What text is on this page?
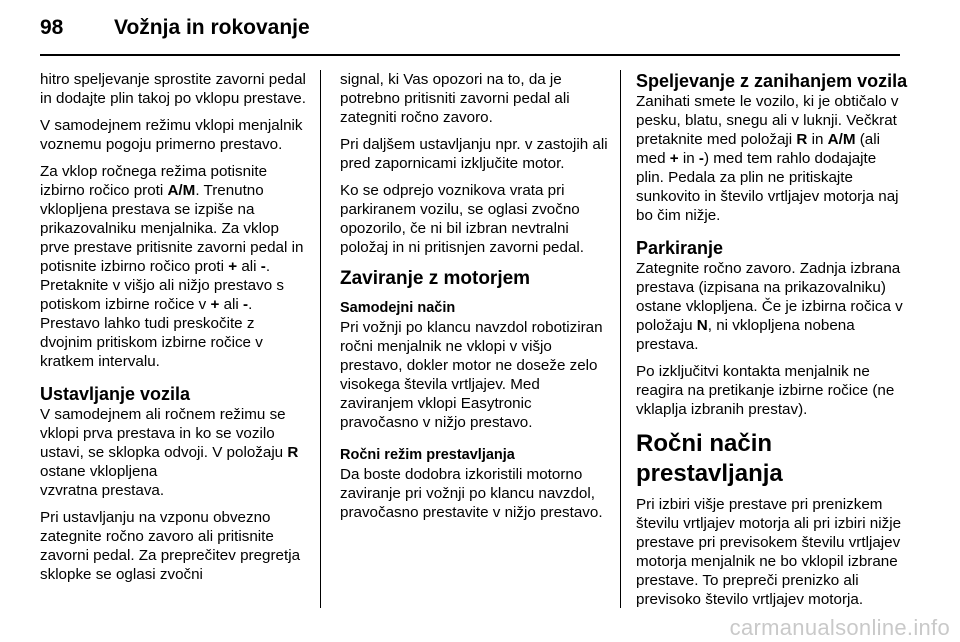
98 Vožnja in rokovanje

hitro speljevanje sprostite zavorni pedal in dodajte plin takoj po vklopu prestave.

V samodejnem režimu vklopi menjalnik voznemu pogoju primerno prestavo.

Za vklop ročnega režima potisnite izbirno ročico proti A/M. Trenutno vklopljena prestava se izpiše na prikazovalniku menjalnika. Za vklop prve prestave pritisnite zavorni pedal in potisnite izbirno ročico proti + ali -. Pretaknite v višjo ali nižjo prestavo s potiskom izbirne ročice v + ali -. Prestavo lahko tudi preskočite z dvojnim pritiskom izbirne ročice v kratkem intervalu.

Ustavljanje vozila

V samodejnem ali ročnem režimu se vklopi prva prestava in ko se vozilo ustavi, se sklopka odvoji. V položaju R ostane vklopljena

vzvratna prestava.

Pri ustavljanju na vzponu obvezno zategnite ročno zavoro ali pritisnite zavorni pedal. Za preprečitev pregretja sklopke se oglasi zvočni

signal, ki Vas opozori na to, da je potrebno pritisniti zavorni pedal ali zategniti ročno zavoro.

Pri daljšem ustavljanju npr. v zastojih ali pred zapornicami izključite motor.

Ko se odprejo voznikova vrata pri parkiranem vozilu, se oglasi zvočno opozorilo, če ni bil izbran nevtralni položaj in ni pritisnjen zavorni pedal.

Zaviranje z motorjem
Samodejni način

Pri vožnji po klancu navzdol robotiziran ročni menjalnik ne vklopi v višjo prestavo, dokler motor ne doseže zelo visokega števila vrtljajev. Med zaviranjem vklopi Easytronic pravočasno v nižjo prestavo.

Ročni režim prestavljanja

Da boste dodobra izkoristili motorno zaviranje pri vožnji po klancu navzdol, pravočasno prestavite v nižjo prestavo.

Speljevanje z zanihanjem vozila

Zanihati smete le vozilo, ki je obtičalo v pesku, blatu, snegu ali v luknji. Večkrat pretaknite med položaji R in A/M (ali med + in -) med tem rahlo dodajajte plin. Pedala za plin ne pritiskajte sunkovito in število vrtljajev motorja naj bo čim nižje.

Parkiranje

Zategnite ročno zavoro. Zadnja izbrana prestava (izpisana na prikazovalniku) ostane vklopljena. Če je izbirna ročica v položaju N, ni vklopljena nobena prestava.

Po izključitvi kontakta menjalnik ne reagira na pretikanje izbirne ročice (ne vklaplja izbranih prestav).

Ročni način prestavljanja

Pri izbiri višje prestave pri prenizkem številu vrtljajev motorja ali pri izbiri nižje prestave pri previsokem številu vrtljajev motorja menjalnik ne bo vklopil izbrane prestave. To prepreči prenizko ali previsoko število vrtljajev motorja.

carmanualsonline.info
